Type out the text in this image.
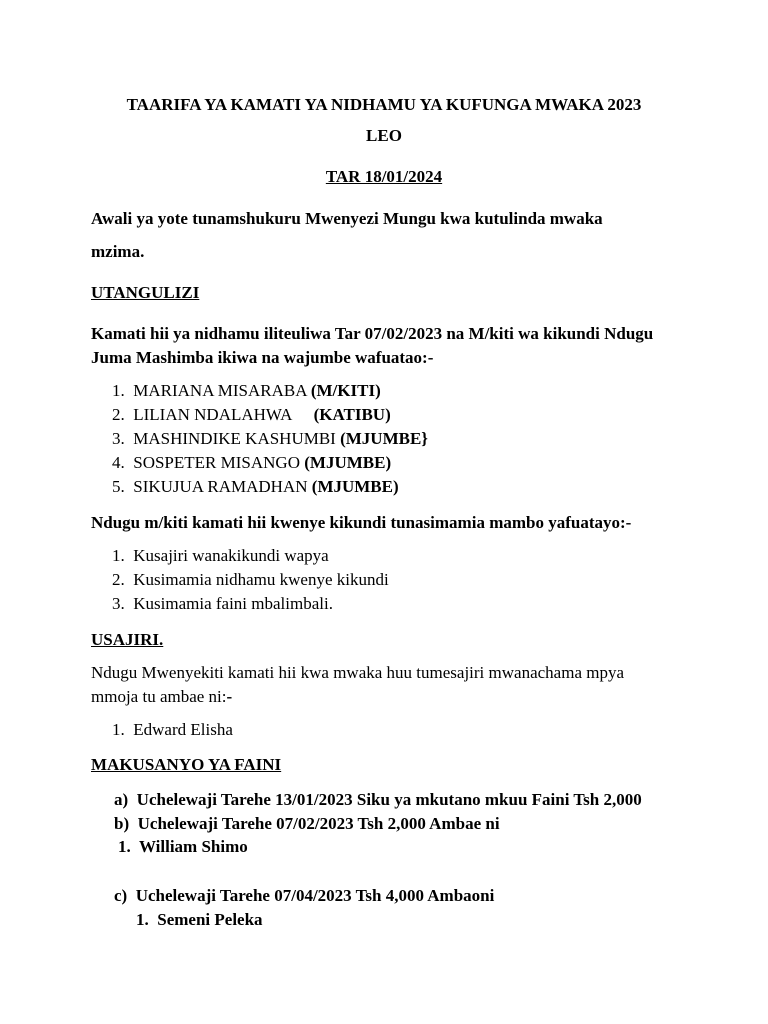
TAARIFA YA KAMATI YA NIDHAMU YA KUFUNGA MWAKA 2023
LEO
TAR 18/01/2024
Awali ya yote tunamshukuru Mwenyezi Mungu kwa kutulinda mwaka
mzima.
UTANGULIZI
Kamati hii ya nidhamu iliteuliwa Tar 07/02/2023 na M/kiti wa kikundi Ndugu
Juma Mashimba ikiwa na wajumbe wafuatao:-
1. MARIANA MISARABA (M/KITI)
2. LILIAN NDALAHWA (KATIBU)
3. MASHINDIKE KASHUMBI (MJUMBE}
4. SOSPETER MISANGO (MJUMBE)
5. SIKUJUA RAMADHAN (MJUMBE)
Ndugu m/kiti kamati hii kwenye kikundi tunasimamia mambo yafuatayo:-
1. Kusajiri wanakikundi wapya
2. Kusimamia nidhamu kwenye kikundi
3. Kusimamia faini mbalimbali.
USAJIRI.
Ndugu Mwenyekiti kamati hii kwa mwaka huu tumesajiri mwanachama mpya
mmoja tu ambae ni:-
1. Edward Elisha
MAKUSANYO YA FAINI
a) Uchelewaji Tarehe 13/01/2023 Siku ya mkutano mkuu Faini Tsh 2,000
b) Uchelewaji Tarehe 07/02/2023 Tsh 2,000 Ambae ni
1. William Shimo
c) Uchelewaji Tarehe 07/04/2023 Tsh 4,000 Ambaoni
1. Semeni Peleka
